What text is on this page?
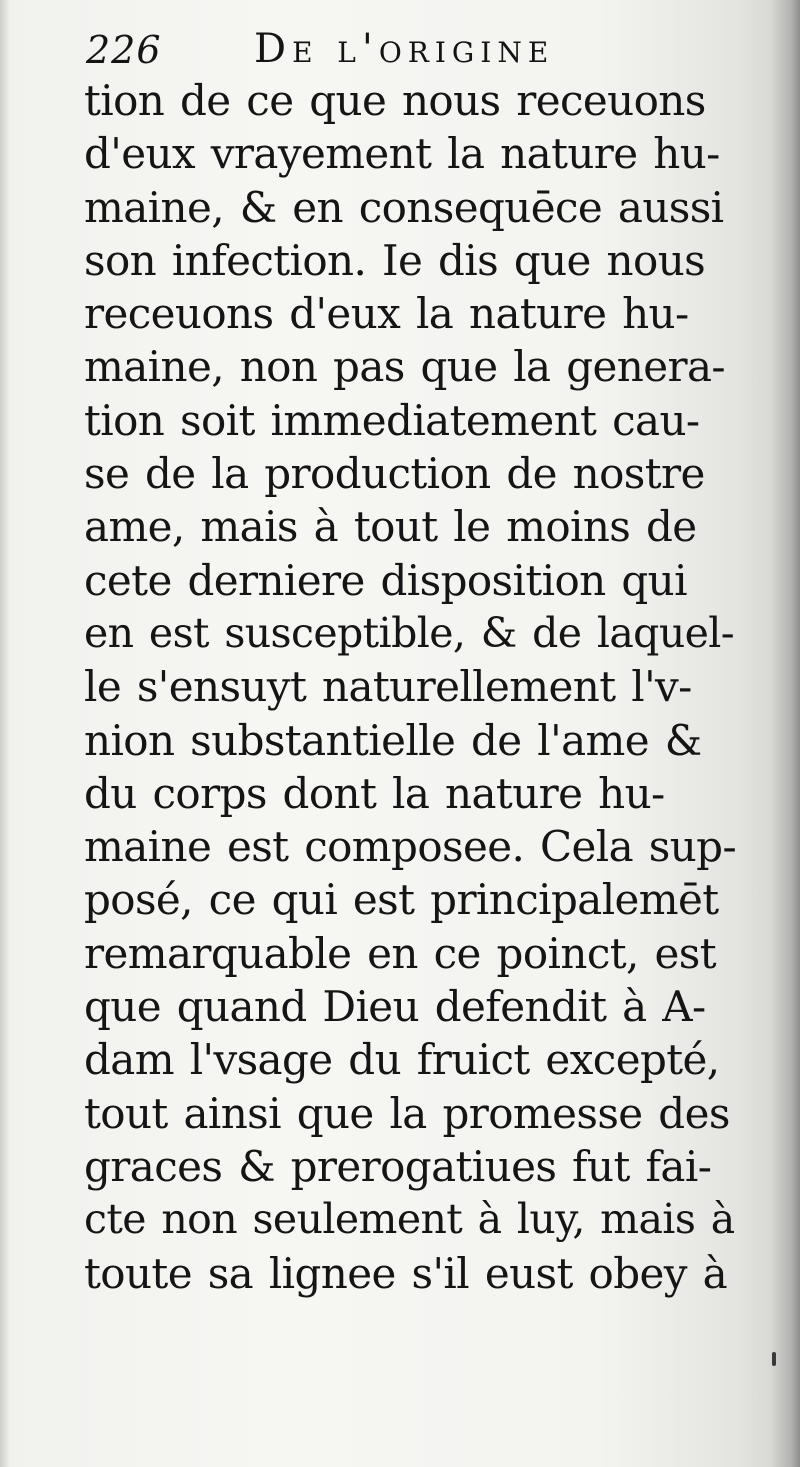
226 De l'origine
tion de ce que nous receuons
d'eux vrayement la nature hu-
maine, & en consequēce aussi
son infection. Ie dis que nous
receuons d'eux la nature hu-
maine, non pas que la genera-
tion soit immediatement cau-
se de la production de nostre
ame, mais à tout le moins de
cete derniere disposition qui
en est susceptible, & de laquel-
le s'ensuyt naturellement l'v-
nion substantielle de l'ame &
du corps dont la nature hu-
maine est composee. Cela sup-
posé, ce qui est principalemēt
remarquable en ce poinct, est
que quand Dieu defendit à A-
dam l'vsage du fruict excepté,
tout ainsi que la promesse des
graces & prerogatiues fut fai-
cte non seulement à luy, mais à
toute sa lignee s'il eust obey à
